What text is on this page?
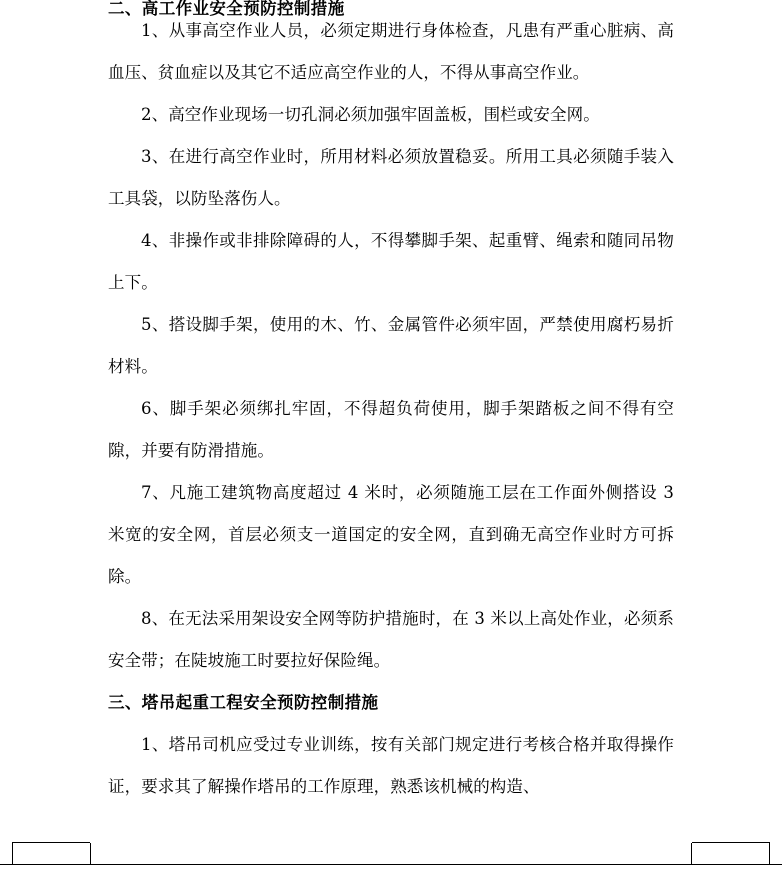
二、高工作业安全预防控制措施

1、从事高空作业人员，必须定期进行身体检查，凡患有严重心脏病、高血压、贫血症以及其它不适应高空作业的人，不得从事高空作业。

2、高空作业现场一切孔洞必须加强牢固盖板，围栏或安全网。

3、在进行高空作业时，所用材料必须放置稳妥。所用工具必须随手装入工具袋，以防坠落伤人。

4、非操作或非排除障碍的人，不得攀脚手架、起重臂、绳索和随同吊物上下。

5、搭设脚手架，使用的木、竹、金属管件必须牢固，严禁使用腐朽易折材料。

6、脚手架必须绑扎牢固，不得超负荷使用，脚手架踏板之间不得有空隙，并要有防滑措施。

7、凡施工建筑物高度超过 4 米时，必须随施工层在工作面外侧搭设 3 米宽的安全网，首层必须支一道国定的安全网，直到确无高空作业时方可拆除。

8、在无法采用架设安全网等防护措施时，在 3 米以上高处作业，必须系安全带；在陡坡施工时要拉好保险绳。

三、塔吊起重工程安全预防控制措施

1、塔吊司机应受过专业训练，按有关部门规定进行考核合格并取得操作证，要求其了解操作塔吊的工作原理，熟悉该机械的构造、
